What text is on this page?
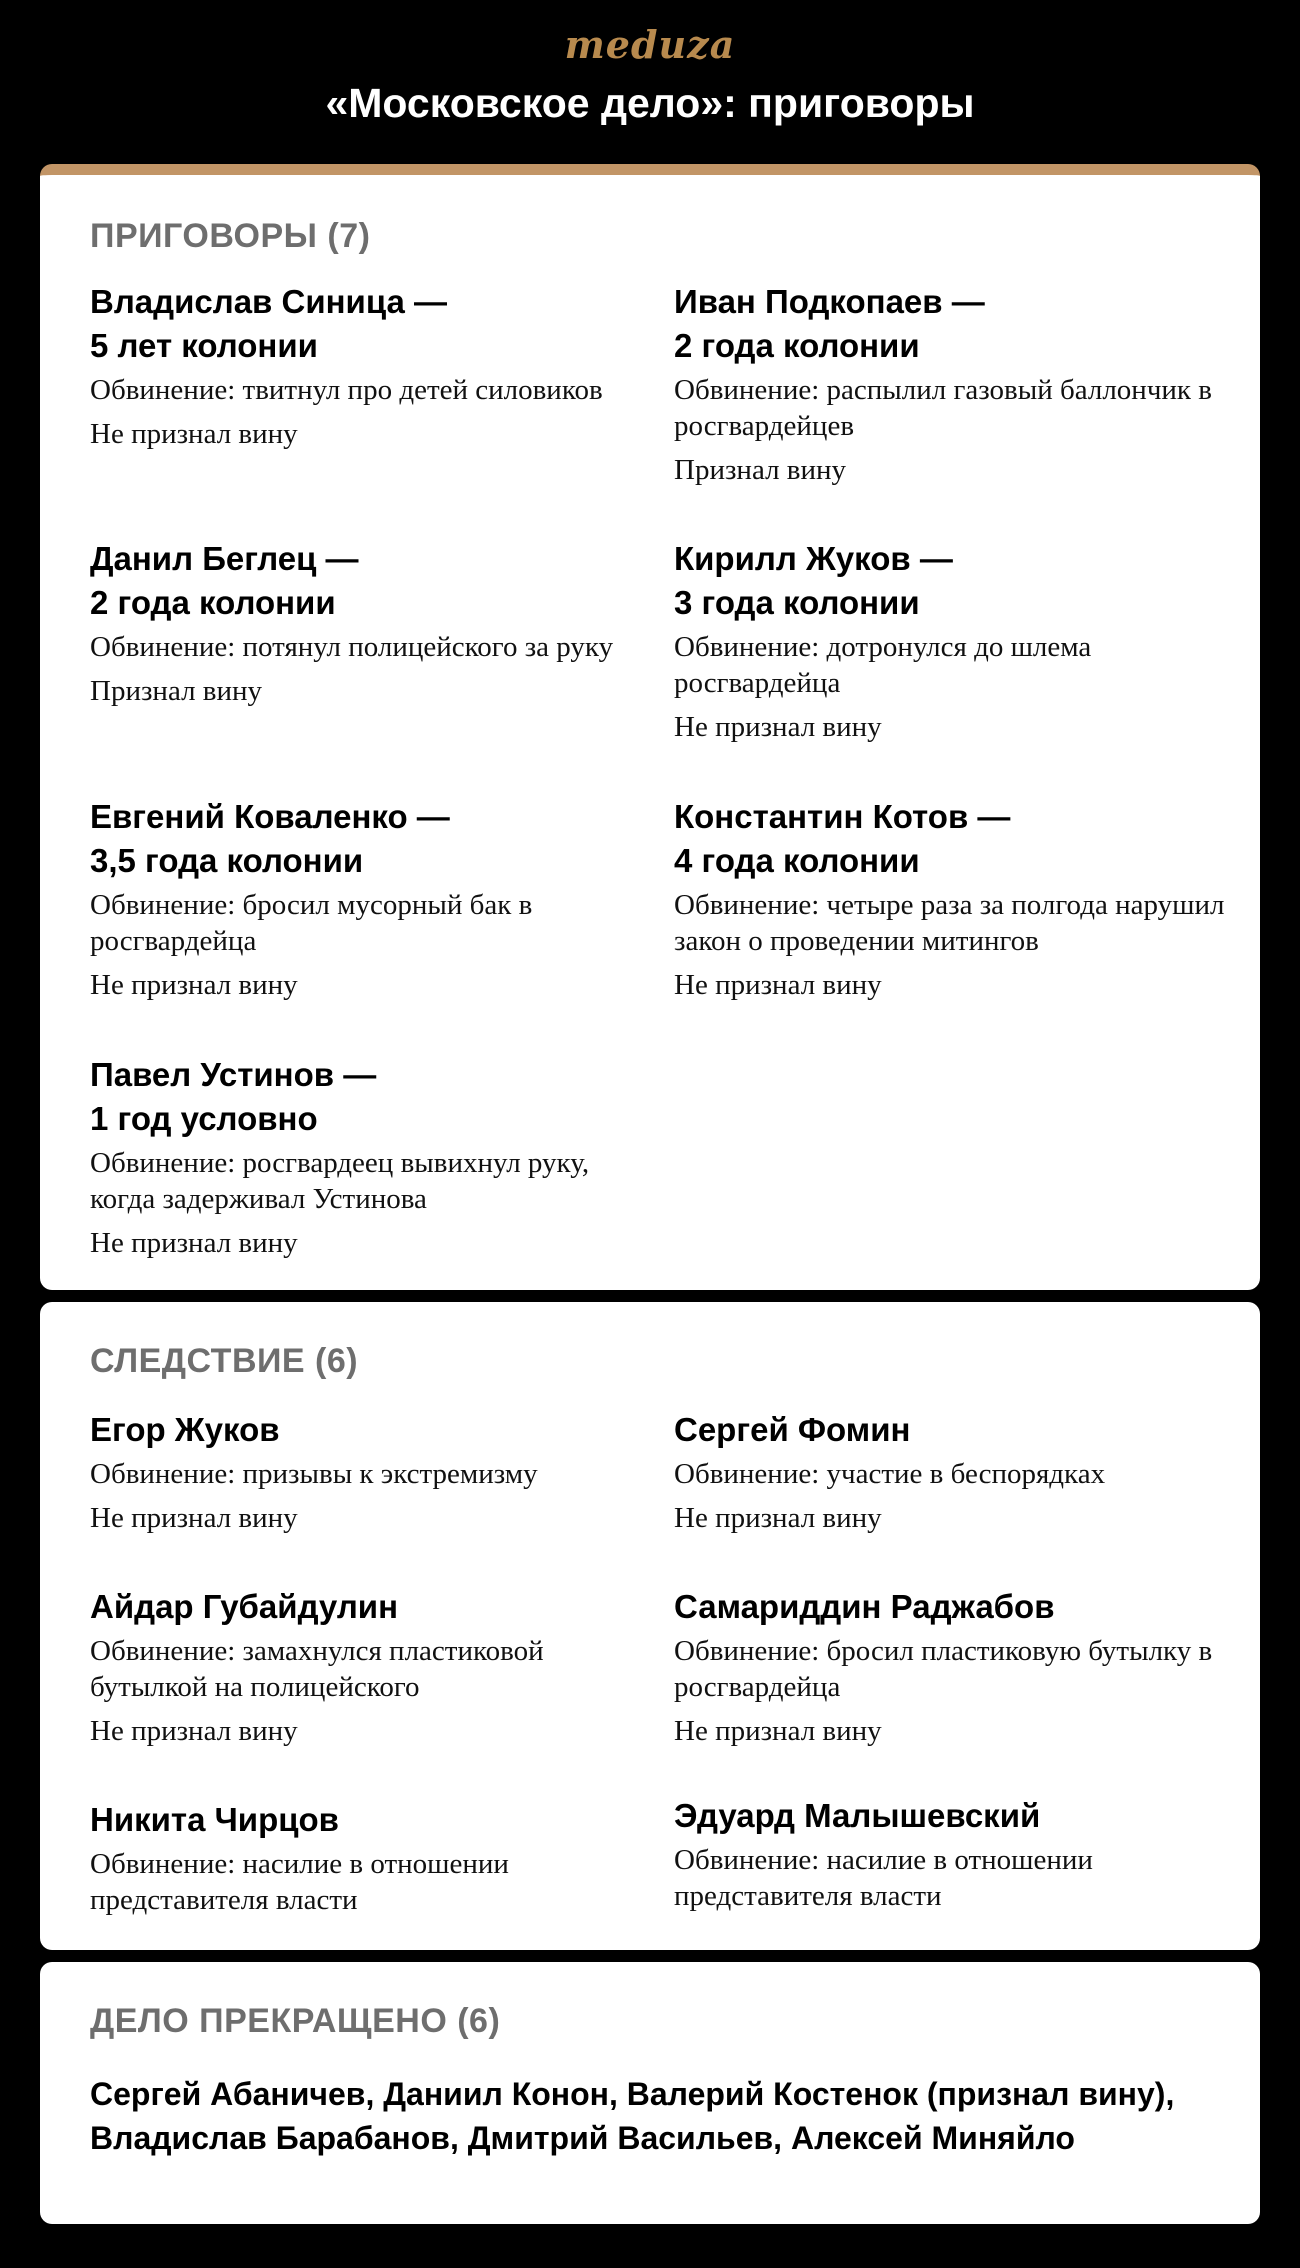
meduza
«Московское дело»: приговоры
ПРИГОВОРЫ (7)
Владислав Синица —
5 лет колонии
Обвинение: твитнул про детей силовиков
Не признал вину
Иван Подкопаев —
2 года колонии
Обвинение: распылил газовый баллончик в росгвардейцев
Признал вину
Данил Беглец —
2 года колонии
Обвинение: потянул полицейского за руку
Признал вину
Кирилл Жуков —
3 года колонии
Обвинение: дотронулся до шлема росгвардейца
Не признал вину
Евгений Коваленко —
3,5 года колонии
Обвинение: бросил мусорный бак в росгвардейца
Не признал вину
Константин Котов —
4 года колонии
Обвинение: четыре раза за полгода нарушил закон о проведении митингов
Не признал вину
Павел Устинов —
1 год условно
Обвинение: росгвардеец вывихнул руку, когда задерживал Устинова
Не признал вину
СЛЕДСТВИЕ (6)
Егор Жуков
Обвинение: призывы к экстремизму
Не признал вину
Сергей Фомин
Обвинение: участие в беспорядках
Не признал вину
Айдар Губайдулин
Обвинение: замахнулся пластиковой бутылкой на полицейского
Не признал вину
Самариддин Раджабов
Обвинение: бросил пластиковую бутылку в росгвардейца
Не признал вину
Никита Чирцов
Обвинение: насилие в отношении представителя власти
Эдуард Малышевский
Обвинение: насилие в отношении представителя власти
ДЕЛО ПРЕКРАЩЕНО (6)
Сергей Абаничев, Даниил Конон, Валерий Костенок (признал вину), Владислав Барабанов, Дмитрий Васильев, Алексей Миняйло
